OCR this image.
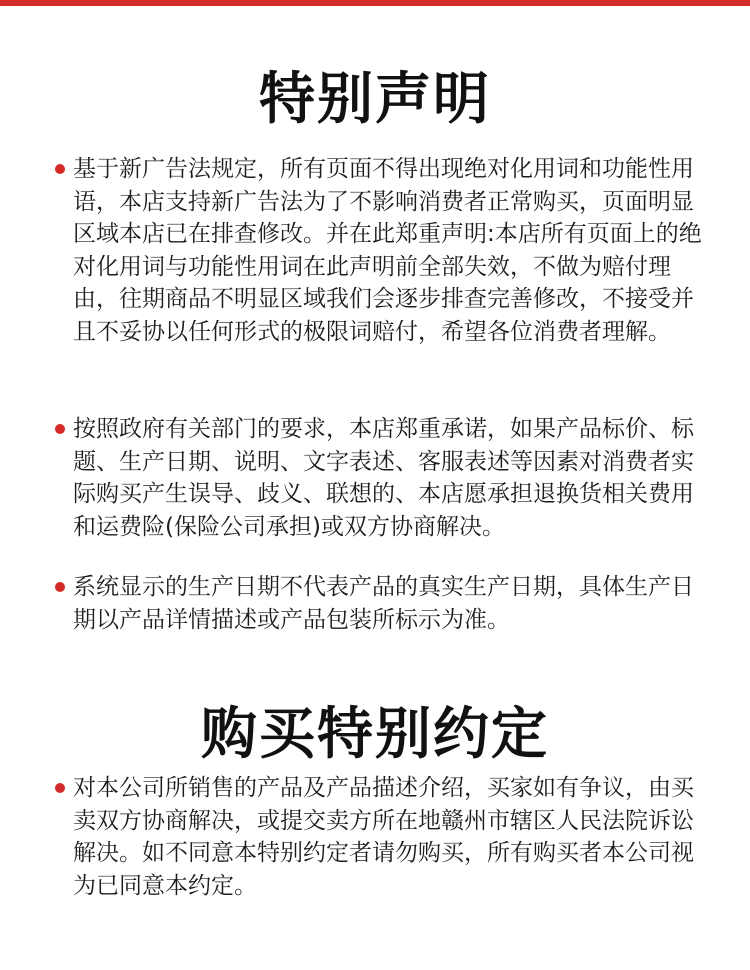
特别声明
基于新广告法规定，所有页面不得出现绝对化用词和功能性用语，本店支持新广告法为了不影响消费者正常购买，页面明显区域本店已在排查修改。并在此郑重声明:本店所有页面上的绝对化用词与功能性用词在此声明前全部失效，不做为赔付理由，往期商品不明显区域我们会逐步排查完善修改，不接受并且不妥协以任何形式的极限词赔付，希望各位消费者理解。
按照政府有关部门的要求，本店郑重承诺，如果产品标价、标题、生产日期、说明、文字表述、客服表述等因素对消费者实际购买产生误导、歧义、联想的、本店愿承担退换货相关费用和运费险(保险公司承担)或双方协商解决。
系统显示的生产日期不代表产品的真实生产日期，具体生产日期以产品详情描述或产品包装所标示为准。
购买特别约定
对本公司所销售的产品及产品描述介绍，买家如有争议，由买卖双方协商解决，或提交卖方所在地赣州市辖区人民法院诉讼解决。如不同意本特别约定者请勿购买，所有购买者本公司视为已同意本约定。
